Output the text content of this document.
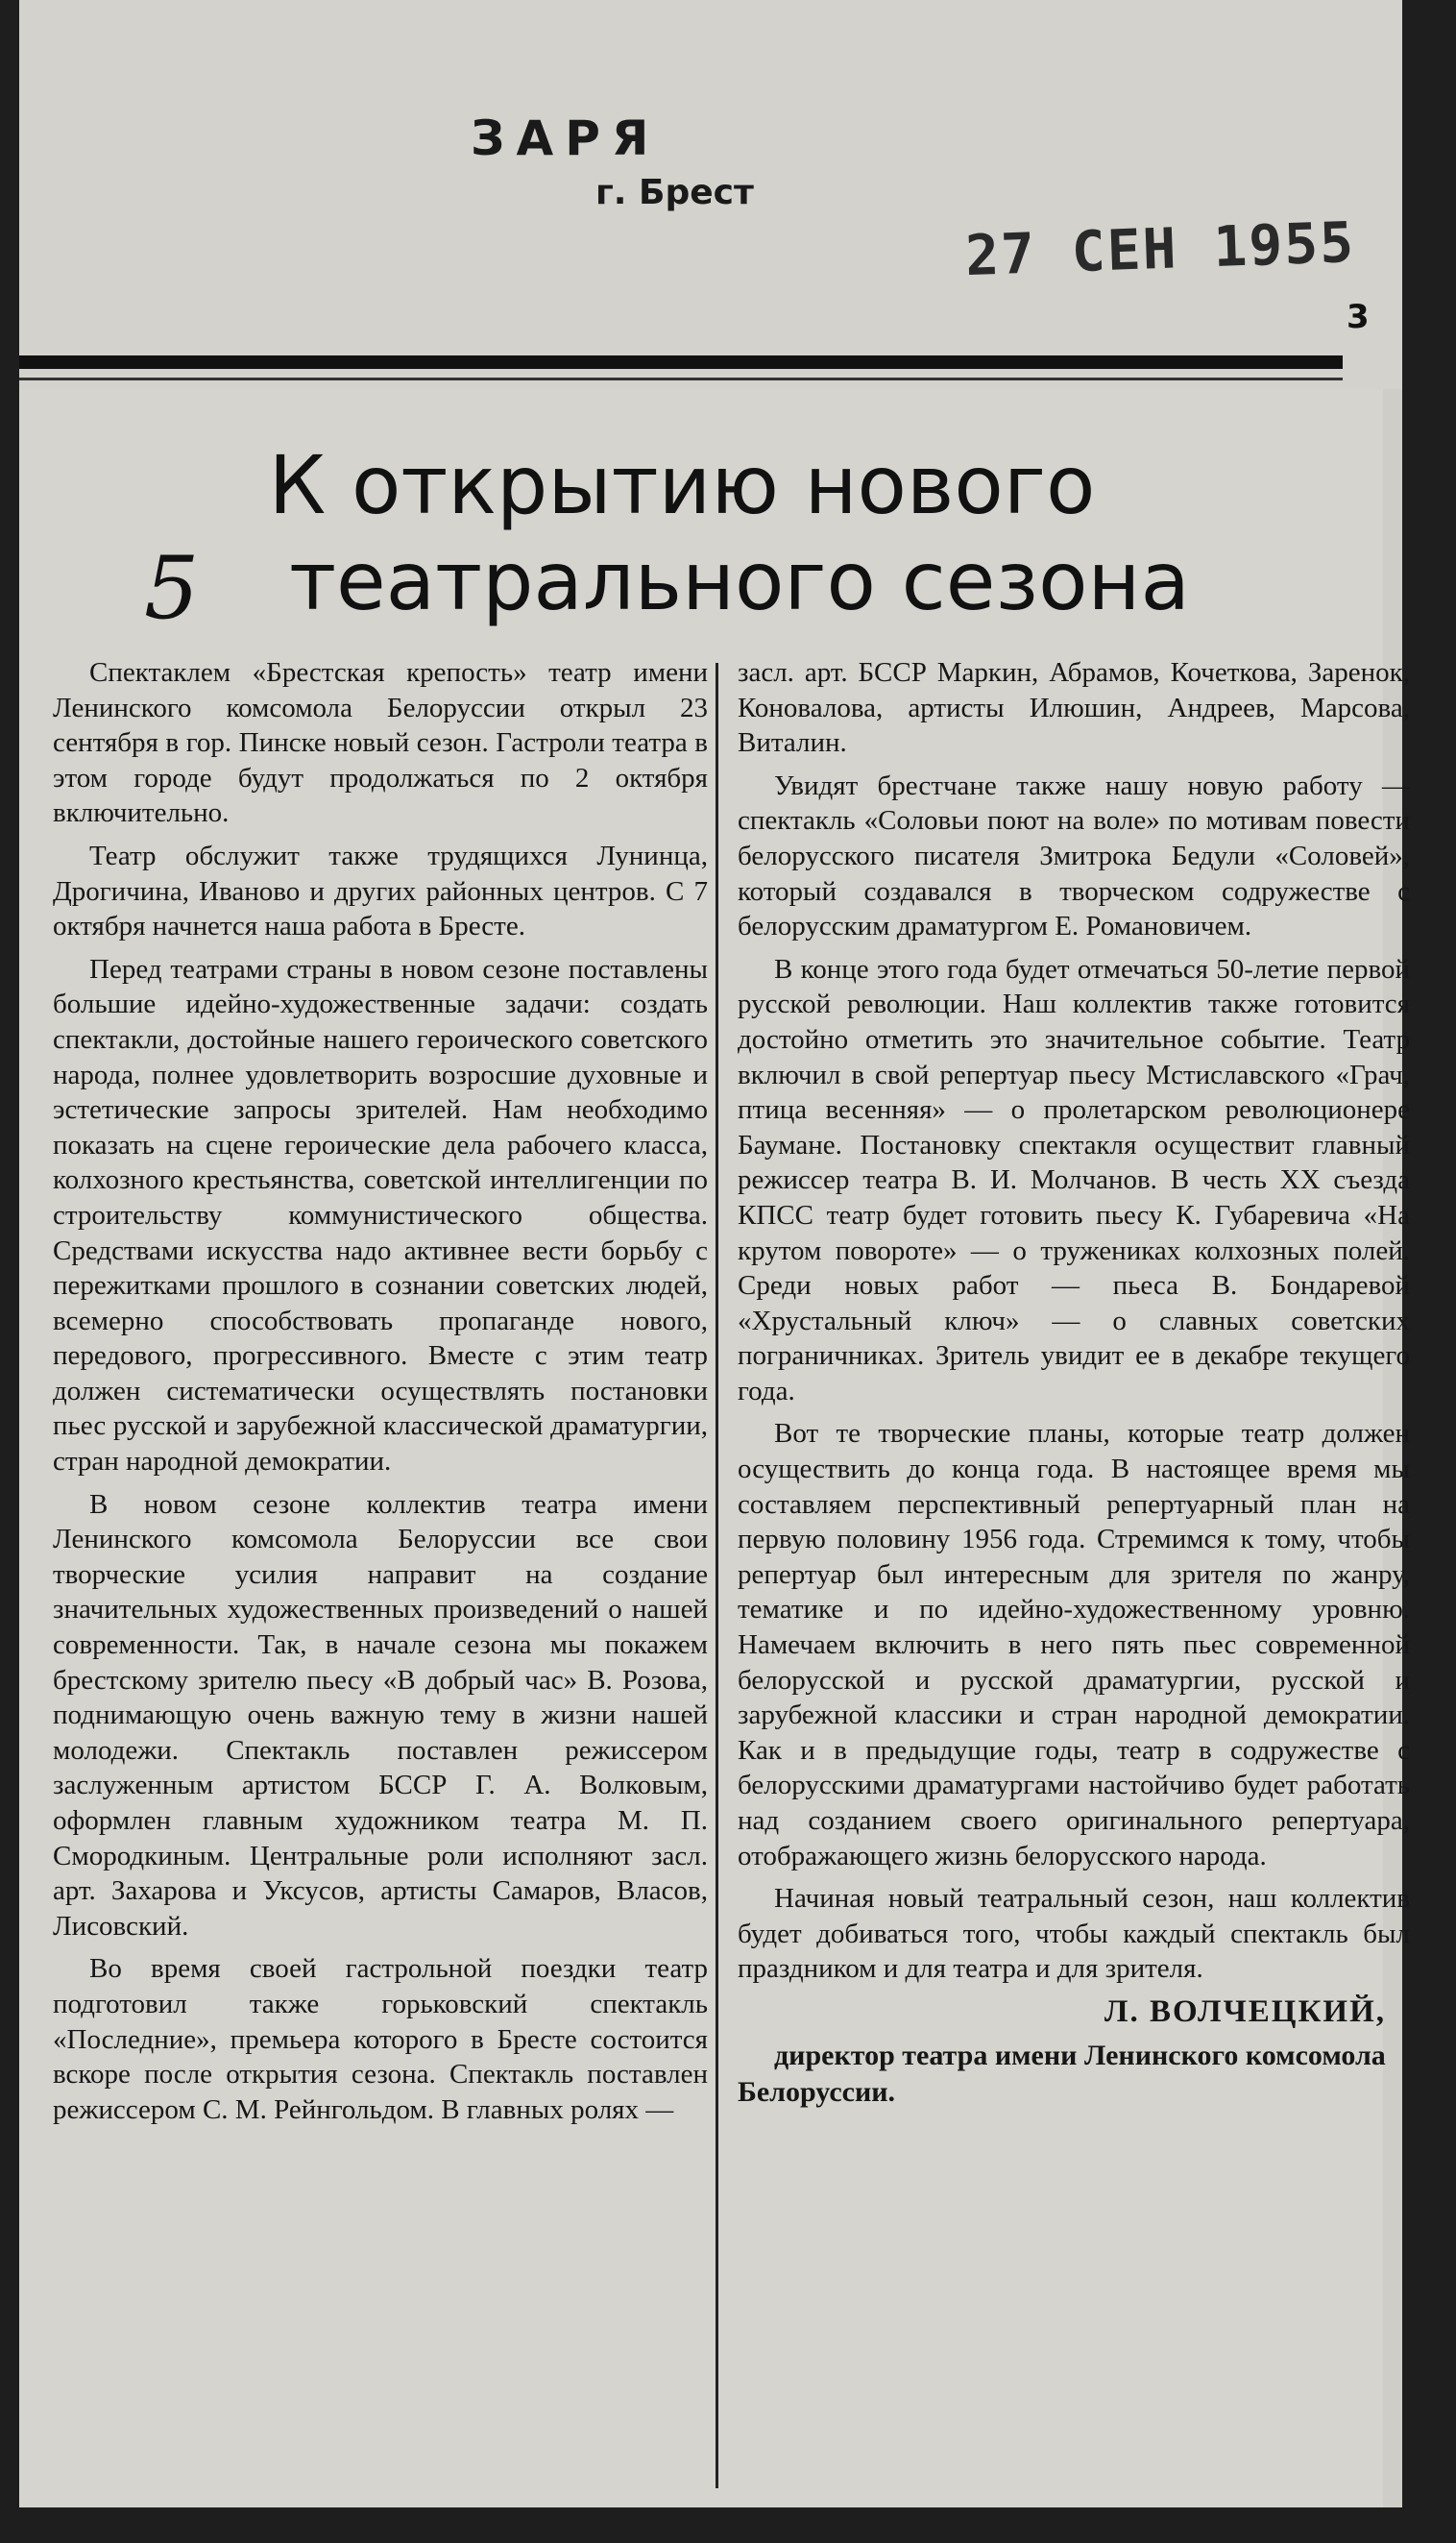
ЗАРЯ
г. Брест
27 СЕН 1955
3
К открытию нового
театрального сезона
5

Спектаклем «Брестская крепость» театр имени Ленинского комсомола Белоруссии открыл 23 сентября в гор. Пинске новый сезон. Гастроли театра в этом городе будут продолжаться по 2 октября включительно.

Театр обслужит также трудящихся Лунинца, Дрогичина, Иваново и других районных центров. С 7 октября начнется наша работа в Бресте.

Перед театрами страны в новом сезоне поставлены большие идейно-художественные задачи: создать спектакли, достойные нашего героического советского народа, полнее удовлетворить возросшие духовные и эстетические запросы зрителей. Нам необходимо показать на сцене героические дела рабочего класса, колхозного крестьянства, советской интеллигенции по строительству коммунистического общества. Средствами искусства надо активнее вести борьбу с пережитками прошлого в сознании советских людей, всемерно способствовать пропаганде нового, передового, прогрессивного. Вместе с этим театр должен систематически осуществлять постановки пьес русской и зарубежной классической драматургии, стран народной демократии.

В новом сезоне коллектив театра имени Ленинского комсомола Белоруссии все свои творческие усилия направит на создание значительных художественных произведений о нашей современности. Так, в начале сезона мы покажем брестскому зрителю пьесу «В добрый час» В. Розова, поднимающую очень важную тему в жизни нашей молодежи. Спектакль поставлен режиссером заслуженным артистом БССР Г. А. Волковым, оформлен главным художником театра М. П. Смородкиным. Центральные роли исполняют засл. арт. Захарова и Уксусов, артисты Самаров, Власов, Лисовский.

Во время своей гастрольной поездки театр подготовил также горьковский спектакль «Последние», премьера которого в Бресте состоится вскоре после открытия сезона. Спектакль поставлен режиссером С. М. Рейнгольдом. В главных ролях —

засл. арт. БССР Маркин, Абрамов, Кочеткова, Заренок, Коновалова, артисты Илюшин, Андреев, Марсова, Виталин.

Увидят брестчане также нашу новую работу — спектакль «Соловьи поют на воле» по мотивам повести белорусского писателя Змитрока Бедули «Соловей», который создавался в творческом содружестве с белорусским драматургом Е. Романовичем.

В конце этого года будет отмечаться 50-летие первой русской революции. Наш коллектив также готовится достойно отметить это значительное событие. Театр включил в свой репертуар пьесу Мстиславского «Грач, птица весенняя» — о пролетарском революционере Баумане. Постановку спектакля осуществит главный режиссер театра В. И. Молчанов. В честь XX съезда КПСС театр будет готовить пьесу К. Губаревича «На крутом повороте» — о тружениках колхозных полей. Среди новых работ — пьеса В. Бондаревой «Хрустальный ключ» — о славных советских пограничниках. Зритель увидит ее в декабре текущего года.

Вот те творческие планы, которые театр должен осуществить до конца года. В настоящее время мы составляем перспективный репертуарный план на первую половину 1956 года. Стремимся к тому, чтобы репертуар был интересным для зрителя по жанру, тематике и по идейно-художественному уровню. Намечаем включить в него пять пьес современной белорусской и русской драматургии, русской и зарубежной классики и стран народной демократии. Как и в предыдущие годы, театр в содружестве с белорусскими драматургами настойчиво будет работать над созданием своего оригинального репертуара, отображающего жизнь белорусского народа.

Начиная новый театральный сезон, наш коллектив будет добиваться того, чтобы каждый спектакль был праздником и для театра и для зрителя.

Л. ВОЛЧЕЦКИЙ,

директор театра имени Ленинского комсомола Белоруссии.
